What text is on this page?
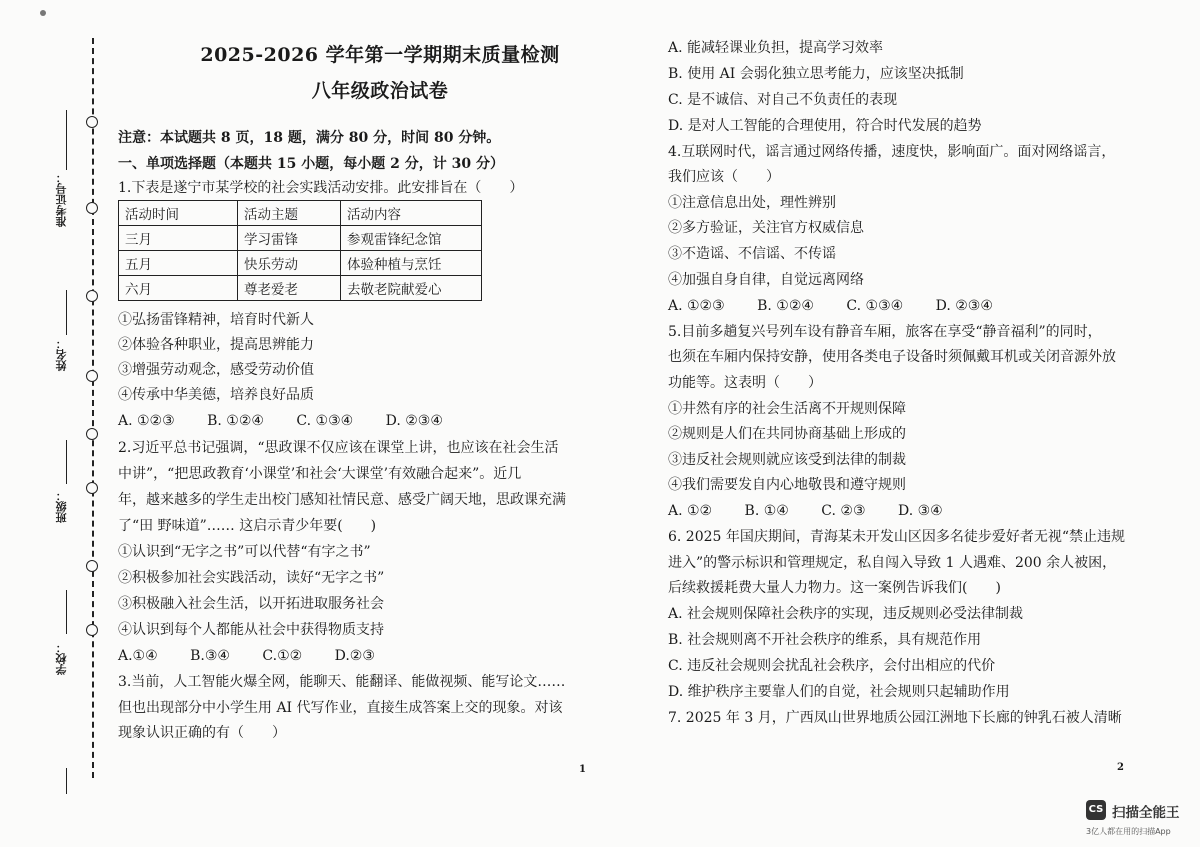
准考证号：
姓名：
班级：
学校：
2025-2026 学年第一学期期末质量检测
八年级政治试卷
注意：本试题共 8 页，18 题，满分 80 分，时间 80 分钟。
一、单项选择题（本题共 15 小题，每小题 2 分，计 30 分）
1.下表是遂宁市某学校的社会实践活动安排。此安排旨在（　　）
活动时间	活动主题	活动内容
三月	学习雷锋	参观雷锋纪念馆
五月	快乐劳动	体验种植与烹饪
六月	尊老爱老	去敬老院献爱心
①弘扬雷锋精神，培育时代新人
②体验各种职业，提高思辨能力
③增强劳动观念，感受劳动价值
④传承中华美德，培养良好品质
A. ①②③　　 B. ①②④　　 C. ①③④　　 D. ②③④
2.习近平总书记强调，“思政课不仅应该在课堂上讲，也应该在社会生活
中讲”，“把思政教育‘小课堂’和社会‘大课堂’有效融合起来”。近几
年，越来越多的学生走出校门感知社情民意、感受广阔天地，思政课充满
了“田 野味道”…… 这启示青少年要(　　)
①认识到“无字之书”可以代替“有字之书”
②积极参加社会实践活动，读好“无字之书”
③积极融入社会生活，以开拓进取服务社会
④认识到每个人都能从社会中获得物质支持
A.①④　　 B.③④　　 C.①②　　 D.②③
3.当前，人工智能火爆全网，能聊天、能翻译、能做视频、能写论文……
但也出现部分中小学生用 AI 代写作业，直接生成答案上交的现象。对该
现象认识正确的有（　　）
1
A. 能减轻课业负担，提高学习效率
B. 使用 AI 会弱化独立思考能力，应该坚决抵制
C. 是不诚信、对自己不负责任的表现
D. 是对人工智能的合理使用，符合时代发展的趋势
4.互联网时代，谣言通过网络传播，速度快，影响面广。面对网络谣言，
我们应该（　　）
①注意信息出处，理性辨别
②多方验证，关注官方权威信息
③不造谣、不信谣、不传谣
④加强自身自律，自觉远离网络
A. ①②③　　 B. ①②④　　 C. ①③④　　 D. ②③④
5.目前多趟复兴号列车设有静音车厢，旅客在享受“静音福利”的同时，
也须在车厢内保持安静，使用各类电子设备时须佩戴耳机或关闭音源外放
功能等。这表明（　　）
①井然有序的社会生活离不开规则保障
②规则是人们在共同协商基础上形成的
③违反社会规则就应该受到法律的制裁
④我们需要发自内心地敬畏和遵守规则
A. ①②　　 B. ①④　　 C. ②③　　 D. ③④
6. 2025 年国庆期间，青海某未开发山区因多名徒步爱好者无视“禁止违规
进入”的警示标识和管理规定，私自闯入导致 1 人遇难、200 余人被困，
后续救援耗费大量人力物力。这一案例告诉我们(　　)
A. 社会规则保障社会秩序的实现，违反规则必受法律制裁
B. 社会规则离不开社会秩序的维系，具有规范作用
C. 违反社会规则会扰乱社会秩序，会付出相应的代价
D. 维护秩序主要靠人们的自觉，社会规则只起辅助作用
7. 2025 年 3 月，广西凤山世界地质公园江洲地下长廊的钟乳石被人清晰
2
CS 扫描全能王
3亿人都在用的扫描App
